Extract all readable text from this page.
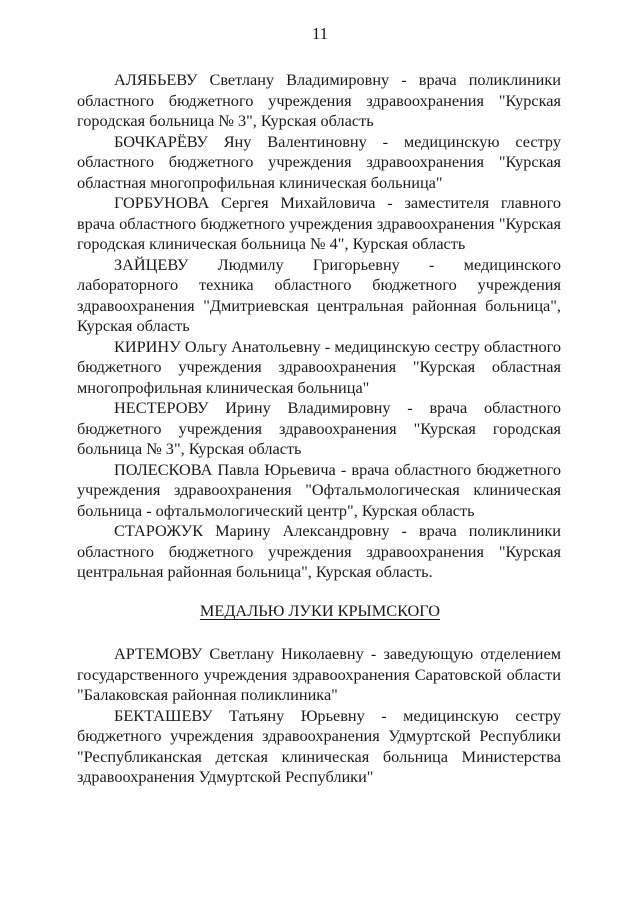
11

АЛЯБЬЕВУ Светлану Владимировну - врача поликлиники областного бюджетного учреждения здравоохранения "Курская городская больница № 3", Курская область

БОЧКАРЁВУ Яну Валентиновну - медицинскую сестру областного бюджетного учреждения здравоохранения "Курская областная многопрофильная клиническая больница"

ГОРБУНОВА Сергея Михайловича - заместителя главного врача областного бюджетного учреждения здравоохранения "Курская городская клиническая больница № 4", Курская область

ЗАЙЦЕВУ Людмилу Григорьевну - медицинского лабораторного техника областного бюджетного учреждения здравоохранения "Дмитриевская центральная районная больница", Курская область

КИРИНУ Ольгу Анатольевну - медицинскую сестру областного бюджетного учреждения здравоохранения "Курская областная многопрофильная клиническая больница"

НЕСТЕРОВУ Ирину Владимировну - врача областного бюджетного учреждения здравоохранения "Курская городская больница № 3", Курская область

ПОЛЕСКОВА Павла Юрьевича - врача областного бюджетного учреждения здравоохранения "Офтальмологическая клиническая больница - офтальмологический центр", Курская область

СТАРОЖУК Марину Александровну - врача поликлиники областного бюджетного учреждения здравоохранения "Курская центральная районная больница", Курская область.

МЕДАЛЬЮ ЛУКИ КРЫМСКОГО

АРТЕМОВУ Светлану Николаевну - заведующую отделением государственного учреждения здравоохранения Саратовской области "Балаковская районная поликлиника"

БЕКТАШЕВУ Татьяну Юрьевну - медицинскую сестру бюджетного учреждения здравоохранения Удмуртской Республики "Республиканская детская клиническая больница Министерства здравоохранения Удмуртской Республики"
